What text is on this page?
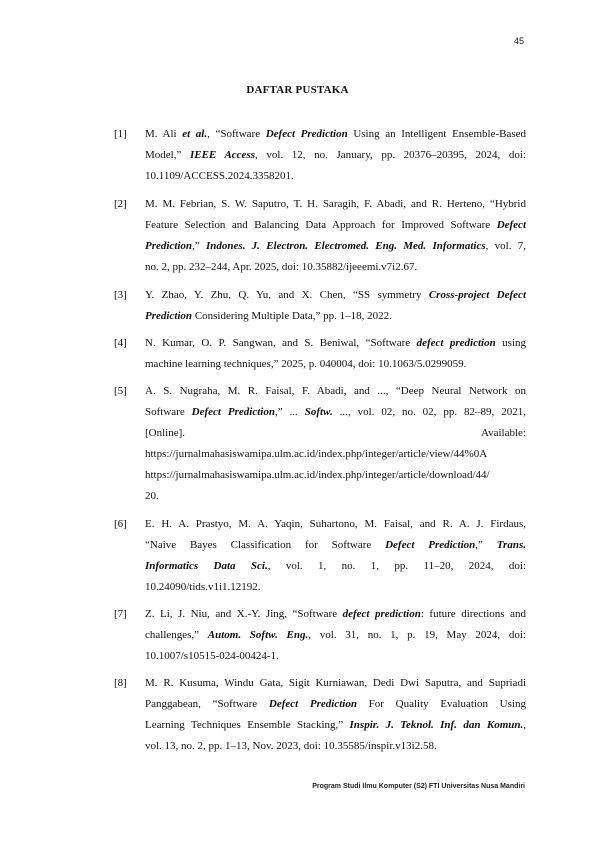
45
DAFTAR PUSTAKA
[1] M. Ali et al., “Software Defect Prediction Using an Intelligent Ensemble-Based
Model,” IEEE Access, vol. 12, no. January, pp. 20376–20395, 2024, doi:
10.1109/ACCESS.2024.3358201.
[2] M. M. Febrian, S. W. Saputro, T. H. Saragih, F. Abadi, and R. Herteno, “Hybrid
Feature Selection and Balancing Data Approach for Improved Software Defect
Prediction,” Indones. J. Electron. Electromed. Eng. Med. Informatics, vol. 7,
no. 2, pp. 232–244, Apr. 2025, doi: 10.35882/ijeeemi.v7i2.67.
[3] Y. Zhao, Y. Zhu, Q. Yu, and X. Chen, “SS symmetry Cross-project Defect
Prediction Considering Multiple Data,” pp. 1–18, 2022.
[4] N. Kumar, O. P. Sangwan, and S. Beniwal, “Software defect prediction using
machine learning techniques,” 2025, p. 040004, doi: 10.1063/5.0299059.
[5] A. S. Nugraha, M. R. Faisal, F. Abadi, and ..., “Deep Neural Network on
Software Defect Prediction,” ... Softw. ..., vol. 02, no. 02, pp. 82–89, 2021,
[Online]. Available:
https://jurnalmahasiswamipa.ulm.ac.id/index.php/integer/article/view/44%0A
https://jurnalmahasiswamipa.ulm.ac.id/index.php/integer/article/download/44/
20.
[6] E. H. A. Prastyo, M. A. Yaqin, Suhartono, M. Faisal, and R. A. J. Firdaus,
“Naive Bayes Classification for Software Defect Prediction,” Trans.
Informatics Data Sci., vol. 1, no. 1, pp. 11–20, 2024, doi:
10.24090/tids.v1i1.12192.
[7] Z. Li, J. Niu, and X.-Y. Jing, “Software defect prediction: future directions and
challenges,” Autom. Softw. Eng., vol. 31, no. 1, p. 19, May 2024, doi:
10.1007/s10515-024-00424-1.
[8] M. R. Kusuma, Windu Gata, Sigit Kurniawan, Dedi Dwi Saputra, and Supriadi
Panggabean, “Software Defect Prediction For Quality Evaluation Using
Learning Techniques Ensemble Stacking,” Inspir. J. Teknol. Inf. dan Komun.,
vol. 13, no. 2, pp. 1–13, Nov. 2023, doi: 10.35585/inspir.v13i2.58.
Program Studi Ilmu Komputer (S2) FTI Universitas Nusa Mandiri
